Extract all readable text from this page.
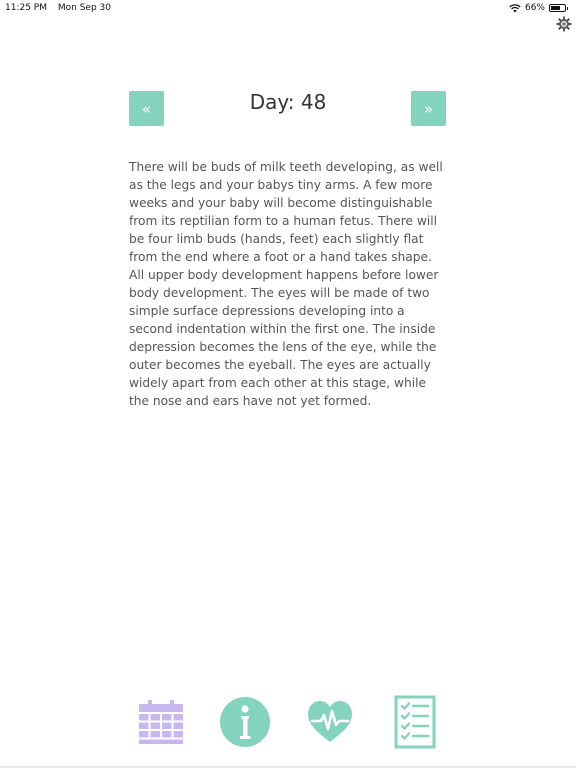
11:25 PM Mon Sep 30	66%
«	Day: 48	»

There will be buds of milk teeth developing, as well as the legs and your babys tiny arms. A few more weeks and your baby will become distinguishable from its reptilian form to a human fetus. There will be four limb buds (hands, feet) each slightly flat from the end where a foot or a hand takes shape. All upper body development happens before lower body development. The eyes will be made of two simple surface depressions developing into a second indentation within the first one. The inside depression becomes the lens of the eye, while the outer becomes the eyeball. The eyes are actually widely apart from each other at this stage, while the nose and ears have not yet formed.
